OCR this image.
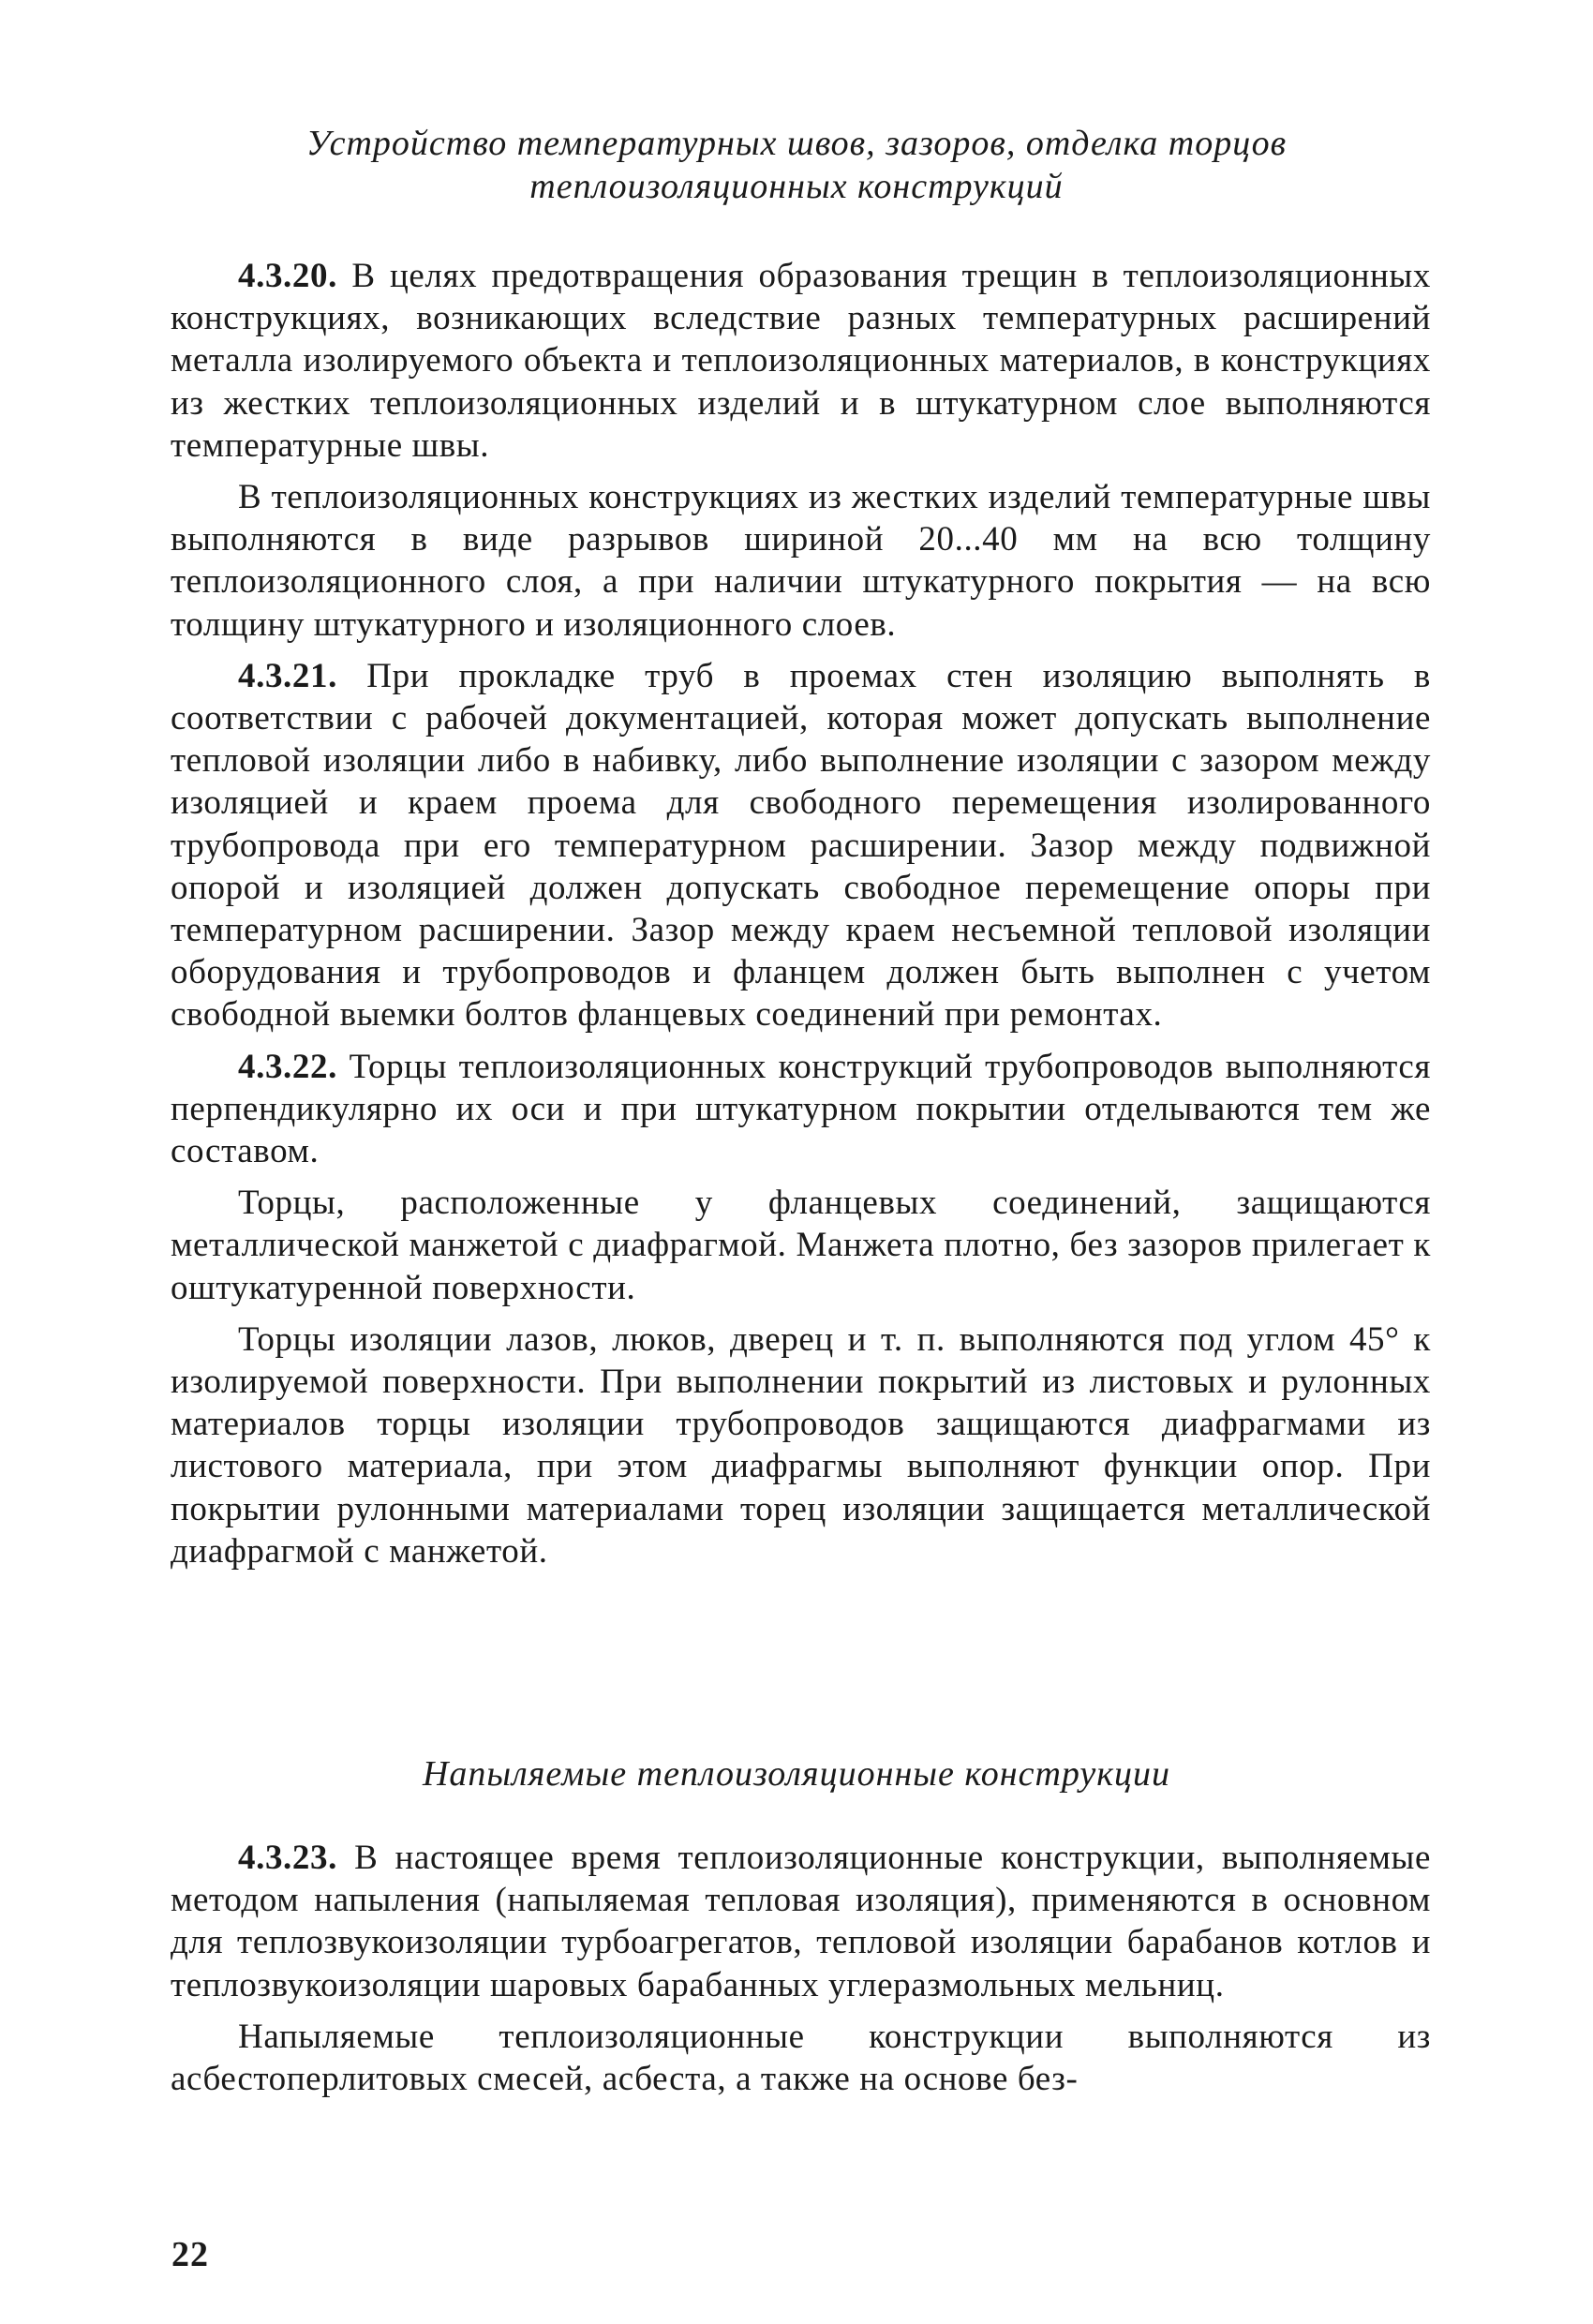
Устройство температурных швов, зазоров, отделка торцов
теплоизоляционных конструкций

4.3.20. В целях предотвращения образования трещин в теплоизоляционных конструкциях, возникающих вследствие разных температурных расширений металла изолируемого объекта и теплоизоляционных материалов, в конструкциях из жестких теплоизоляционных изделий и в штукатурном слое выполняются температурные швы.

В теплоизоляционных конструкциях из жестких изделий температурные швы выполняются в виде разрывов шириной 20...40 мм на всю толщину теплоизоляционного слоя, а при наличии штукатурного покрытия — на всю толщину штукатурного и изоляционного слоев.

4.3.21. При прокладке труб в проемах стен изоляцию выполнять в соответствии с рабочей документацией, которая может допускать выполнение тепловой изоляции либо в набивку, либо выполнение изоляции с зазором между изоляцией и краем проема для свободного перемещения изолированного трубопровода при его температурном расширении. Зазор между подвижной опорой и изоляцией должен допускать свободное перемещение опоры при температурном расширении. Зазор между краем несъемной тепловой изоляции оборудования и трубопроводов и фланцем должен быть выполнен с учетом свободной выемки болтов фланцевых соединений при ремонтах.

4.3.22. Торцы теплоизоляционных конструкций трубопроводов выполняются перпендикулярно их оси и при штукатурном покрытии отделываются тем же составом.

Торцы, расположенные у фланцевых соединений, защищаются металлической манжетой с диафрагмой. Манжета плотно, без зазоров прилегает к оштукатуренной поверхности.

Торцы изоляции лазов, люков, дверец и т. п. выполняются под углом 45° к изолируемой поверхности. При выполнении покрытий из листовых и рулонных материалов торцы изоляции трубопроводов защищаются диафрагмами из листового материала, при этом диафрагмы выполняют функции опор. При покрытии рулонными материалами торец изоляции защищается металлической диафрагмой с манжетой.

Напыляемые теплоизоляционные конструкции

4.3.23. В настоящее время теплоизоляционные конструкции, выполняемые методом напыления (напыляемая тепловая изоляция), применяются в основном для теплозвукоизоляции турбоагрегатов, тепловой изоляции барабанов котлов и теплозвукоизоляции шаровых барабанных углеразмольных мельниц.

Напыляемые теплоизоляционные конструкции выполняются из асбестоперлитовых смесей, асбеста, а также на основе без-

22
